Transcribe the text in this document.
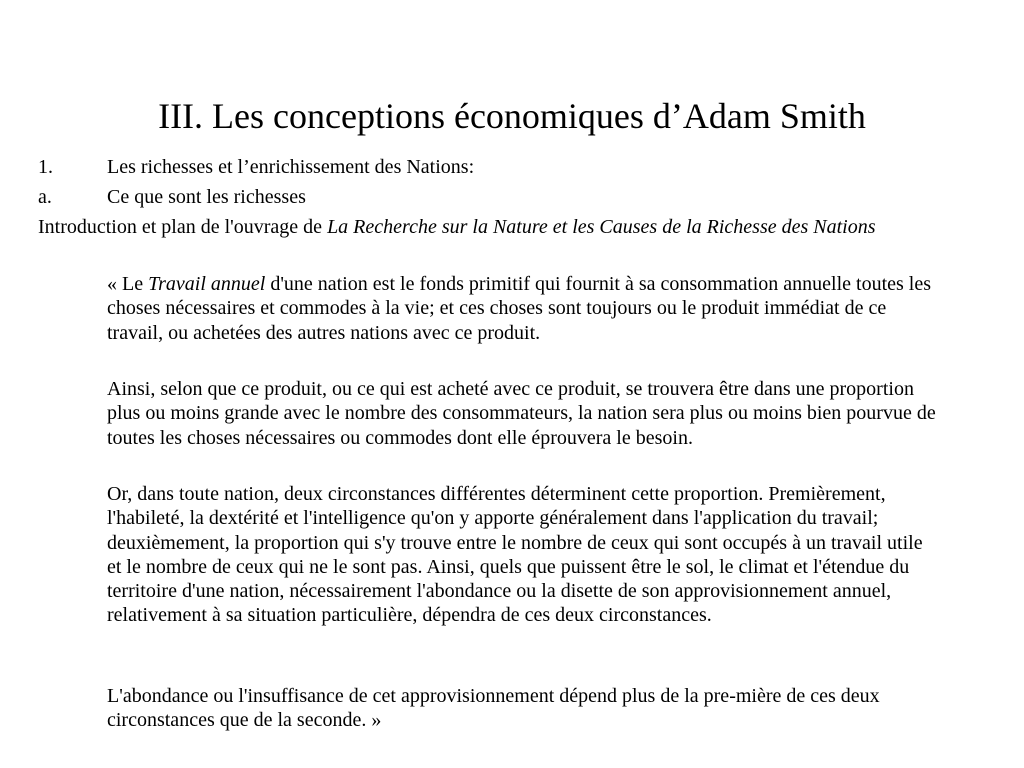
III. Les conceptions économiques d’Adam Smith
1.	Les richesses et l’enrichissement des Nations:
a.	Ce que sont les richesses

Introduction et plan de l'ouvrage de La Recherche sur la Nature et les Causes de la Richesse des Nations

« Le Travail annuel d'une nation est le fonds primitif qui fournit à sa consommation annuelle toutes les choses nécessaires et commodes à la vie; et ces choses sont toujours ou le produit immédiat de ce travail, ou achetées des autres nations avec ce produit.

Ainsi, selon que ce produit, ou ce qui est acheté avec ce produit, se trouvera être dans une proportion plus ou moins grande avec le nombre des consommateurs, la nation sera plus ou moins bien pourvue de toutes les choses nécessaires ou commodes dont elle éprouvera le besoin.

Or, dans toute nation, deux circonstances différentes déterminent cette proportion. Premièrement, l'habileté, la dextérité et l'intelligence qu'on y apporte généralement dans l'application du travail; deuxièmement, la proportion qui s'y trouve entre le nombre de ceux qui sont occupés à un travail utile et le nombre de ceux qui ne le sont pas. Ainsi, quels que puissent être le sol, le climat et l'étendue du territoire d'une nation, nécessairement l'abondance ou la disette de son approvisionnement annuel, relativement à sa situation particulière, dépendra de ces deux circonstances.

L'abondance ou l'insuffisance de cet approvisionnement dépend plus de la pre-mière de ces deux circonstances que de la seconde. »
